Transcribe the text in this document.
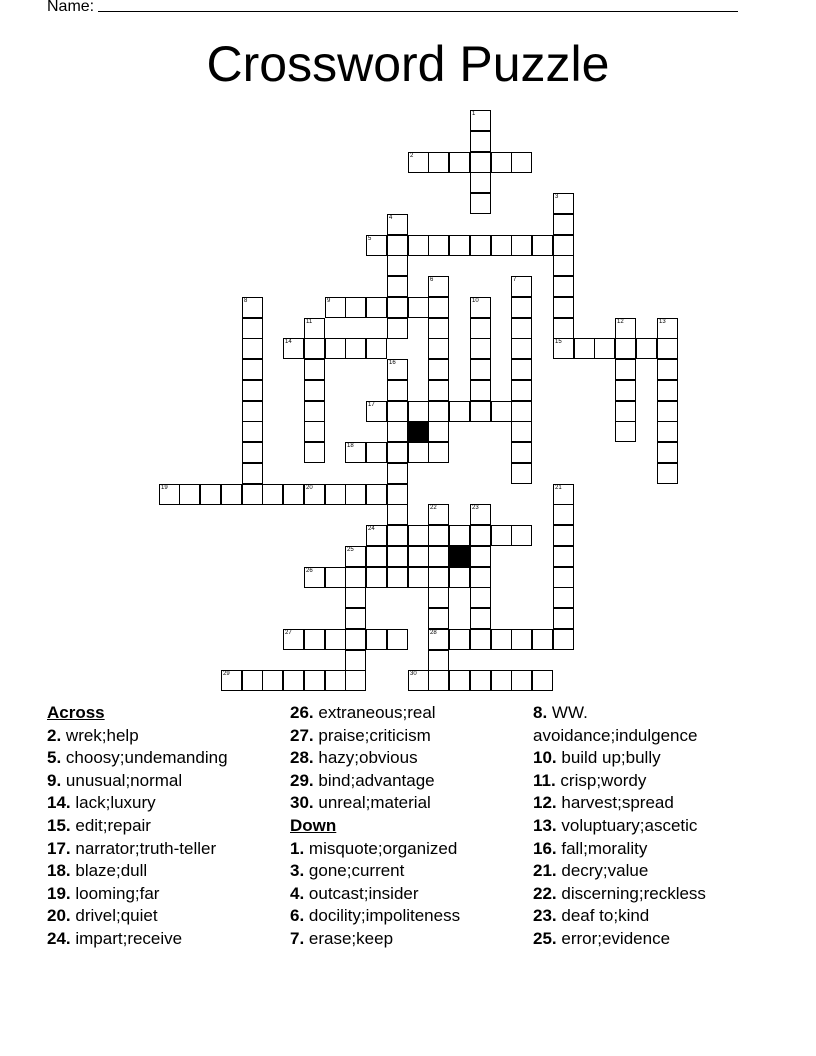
Name:
Crossword Puzzle
1
2
3
4
5
6	7
8	9	10
11	12	13
14	15
16
17
18
19	20	21
22	23
24
25
26
27	28
29	30
Across
2. wrek;help
5. choosy;undemanding
9. unusual;normal
14. lack;luxury
15. edit;repair
17. narrator;truth-teller
18. blaze;dull
19. looming;far
20. drivel;quiet
24. impart;receive
26. extraneous;real
27. praise;criticism
28. hazy;obvious
29. bind;advantage
30. unreal;material
Down
1. misquote;organized
3. gone;current
4. outcast;insider
6. docility;impoliteness
7. erase;keep
8. WW. avoidance;indulgence
10. build up;bully
11. crisp;wordy
12. harvest;spread
13. voluptuary;ascetic
16. fall;morality
21. decry;value
22. discerning;reckless
23. deaf to;kind
25. error;evidence
